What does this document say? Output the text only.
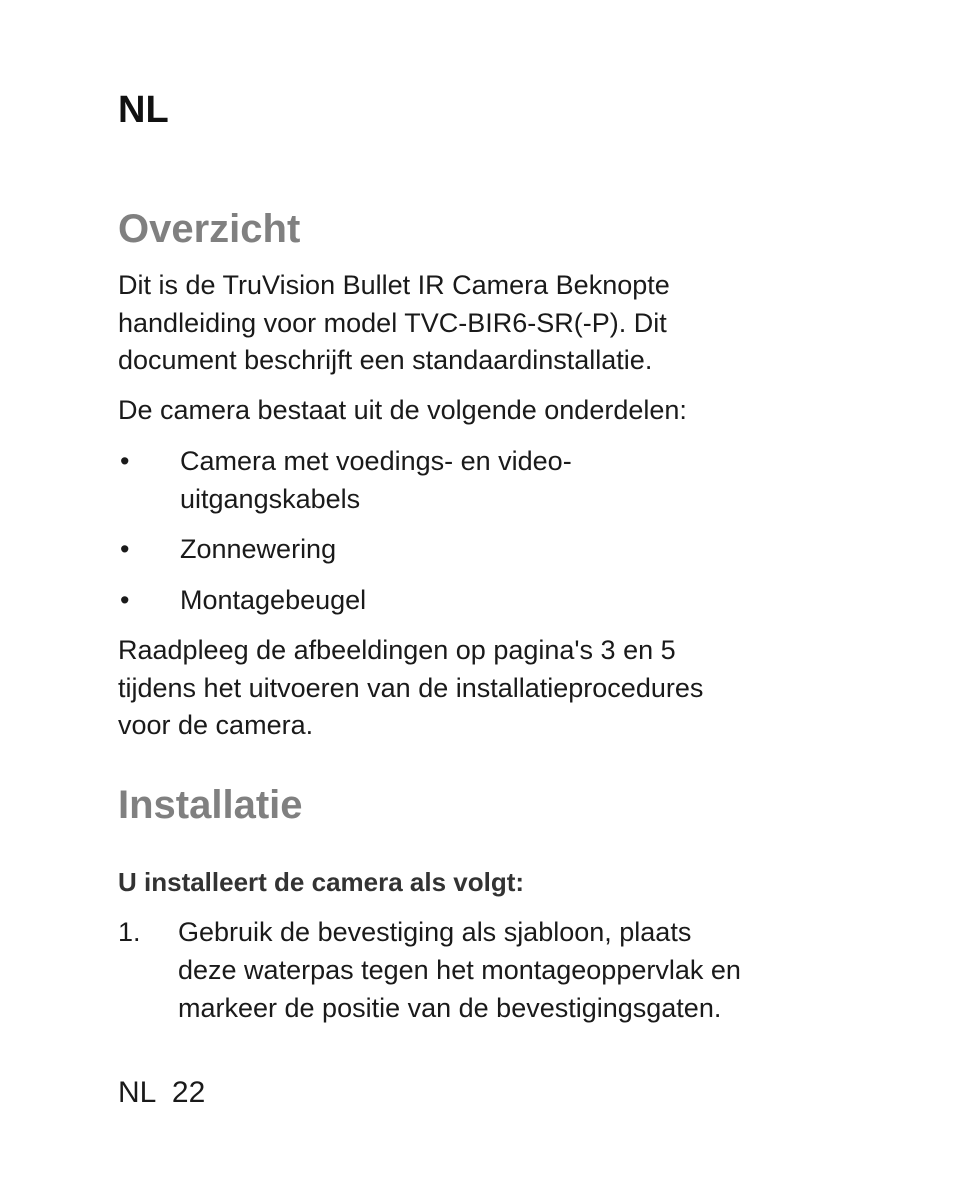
NL
Overzicht
Dit is de TruVision Bullet IR Camera Beknopte
handleiding voor model TVC-BIR6-SR(-P). Dit
document beschrijft een standaardinstallatie.
De camera bestaat uit de volgende onderdelen:
•	Camera met voedings- en video-
uitgangskabels
•	Zonnewering
•	Montagebeugel
Raadpleeg de afbeeldingen op pagina's 3 en 5
tijdens het uitvoeren van de installatieprocedures
voor de camera.
Installatie
U installeert de camera als volgt:
1.	Gebruik de bevestiging als sjabloon, plaats
deze waterpas tegen het montageoppervlak en
markeer de positie van de bevestigingsgaten.
NL 22
